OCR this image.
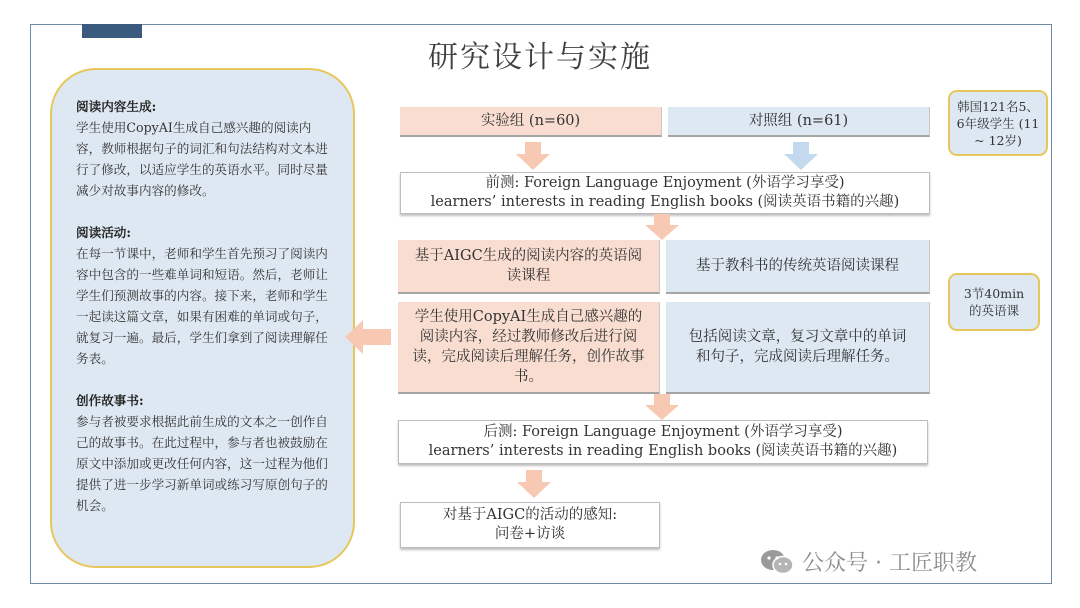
研究设计与实施
阅读内容生成:
学生使用CopyAI生成自己感兴趣的阅读内容，教师根据句子的词汇和句法结构对文本进行了修改，以适应学生的英语水平。同时尽量减少对故事内容的修改。
阅读活动:
在每一节课中，老师和学生首先预习了阅读内容中包含的一些难单词和短语。然后，老师让学生们预测故事的内容。接下来，老师和学生一起读这篇文章，如果有困难的单词或句子，就复习一遍。最后，学生们拿到了阅读理解任务表。
创作故事书:
参与者被要求根据此前生成的文本之一创作自己的故事书。在此过程中，参与者也被鼓励在原文中添加或更改任何内容，这一过程为他们提供了进一步学习新单词或练习写原创句子的机会。
实验组 (n=60)	对照组 (n=61)
前测: Foreign Language Enjoyment (外语学习享受)
learners’ interests in reading English books (阅读英语书籍的兴趣)
基于AIGC生成的阅读内容的英语阅读课程
基于教科书的传统英语阅读课程
学生使用CopyAI生成自己感兴趣的阅读内容，经过教师修改后进行阅读，完成阅读后理解任务，创作故事书。
包括阅读文章，复习文章中的单词和句子，完成阅读后理解任务。
后测: Foreign Language Enjoyment (外语学习享受)
learners’ interests in reading English books (阅读英语书籍的兴趣)
对基于AIGC的活动的感知:
问卷+访谈
韩国121名5、6年级学生 (11 ~ 12岁)
3节40min的英语课
公众号 · 工匠职教
